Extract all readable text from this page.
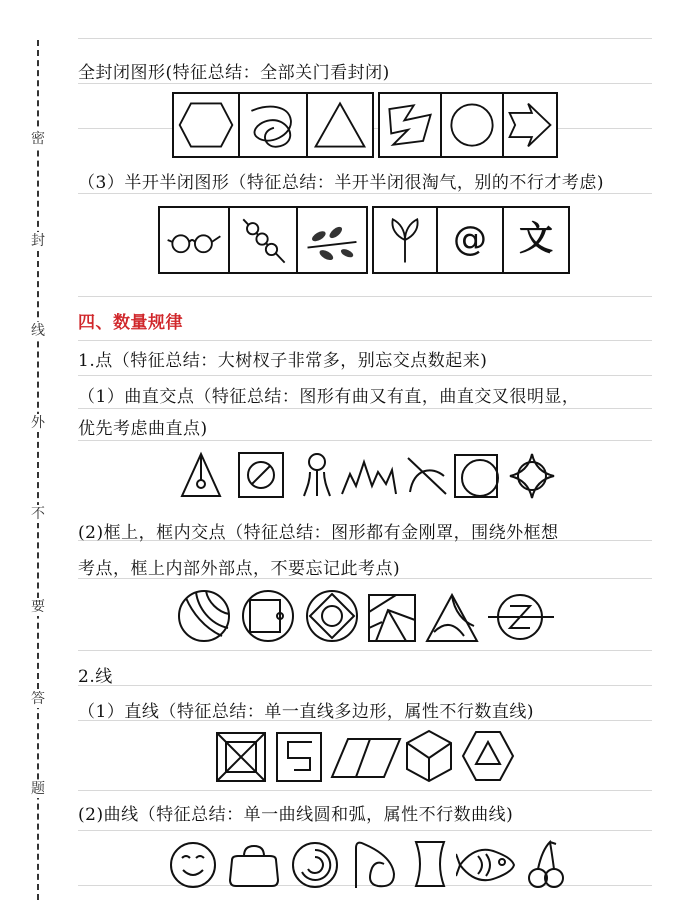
密
封
线
外
不
要
答
题
全封闭图形(特征总结：全部关门看封闭)
（3）半开半闭图形（特征总结：半开半闭很淘气，别的不行才考虑)
@ 文
四、数量规律
1.点（特征总结：大树杈子非常多，别忘交点数起来)
（1）曲直交点（特征总结：图形有曲又有直，曲直交叉很明显，
优先考虑曲直点)
(2)框上，框内交点（特征总结：图形都有金刚罩，围绕外框想
考点，框上内部外部点，不要忘记此考点)
2.线
（1）直线（特征总结：单一直线多边形，属性不行数直线)
(2)曲线（特征总结：单一曲线圆和弧，属性不行数曲线)
